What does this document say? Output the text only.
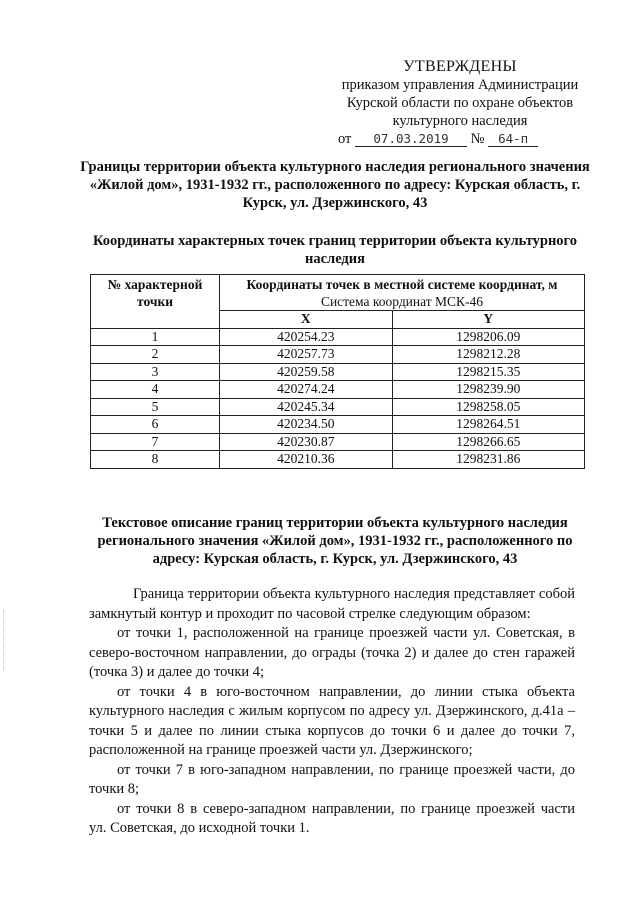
УТВЕРЖДЕНЫ
приказом управления Администрации
Курской области по охране объектов
культурного наследия
от 07.03.2019 № 64-п
Границы территории объекта культурного наследия регионального значения «Жилой дом», 1931-1932 гг., расположенного по адресу: Курская область, г. Курск, ул. Дзержинского, 43
Координаты характерных точек границ территории объекта культурного наследия
№ характерной точки	Координаты точек в местной системе координат, м
Система координат МСК-46	

	X	Y
1	420254.23	1298206.09
2	420257.73	1298212.28
3	420259.58	1298215.35
4	420274.24	1298239.90
5	420245.34	1298258.05
6	420234.50	1298264.51
7	420230.87	1298266.65
8	420210.36	1298231.86
Текстовое описание границ территории объекта культурного наследия регионального значения «Жилой дом», 1931-1932 гг., расположенного по адресу: Курская область, г. Курск, ул. Дзержинского, 43

Граница территории объекта культурного наследия представляет собой замкнутый контур и проходит по часовой стрелке следующим образом:

от точки 1, расположенной на границе проезжей части ул. Советская, в северо-восточном направлении, до ограды (точка 2) и далее до стен гаражей (точка 3) и далее до точки 4;

от точки 4 в юго-восточном направлении, до линии стыка объекта культурного наследия с жилым корпусом по адресу ул. Дзержинского, д.41а – точки 5 и далее по линии стыка корпусов до точки 6 и далее до точки 7, расположенной на границе проезжей части ул. Дзержинского;

от точки 7 в юго-западном направлении, по границе проезжей части, до точки 8;

от точки 8 в северо-западном направлении, по границе проезжей части ул. Советская, до исходной точки 1.
